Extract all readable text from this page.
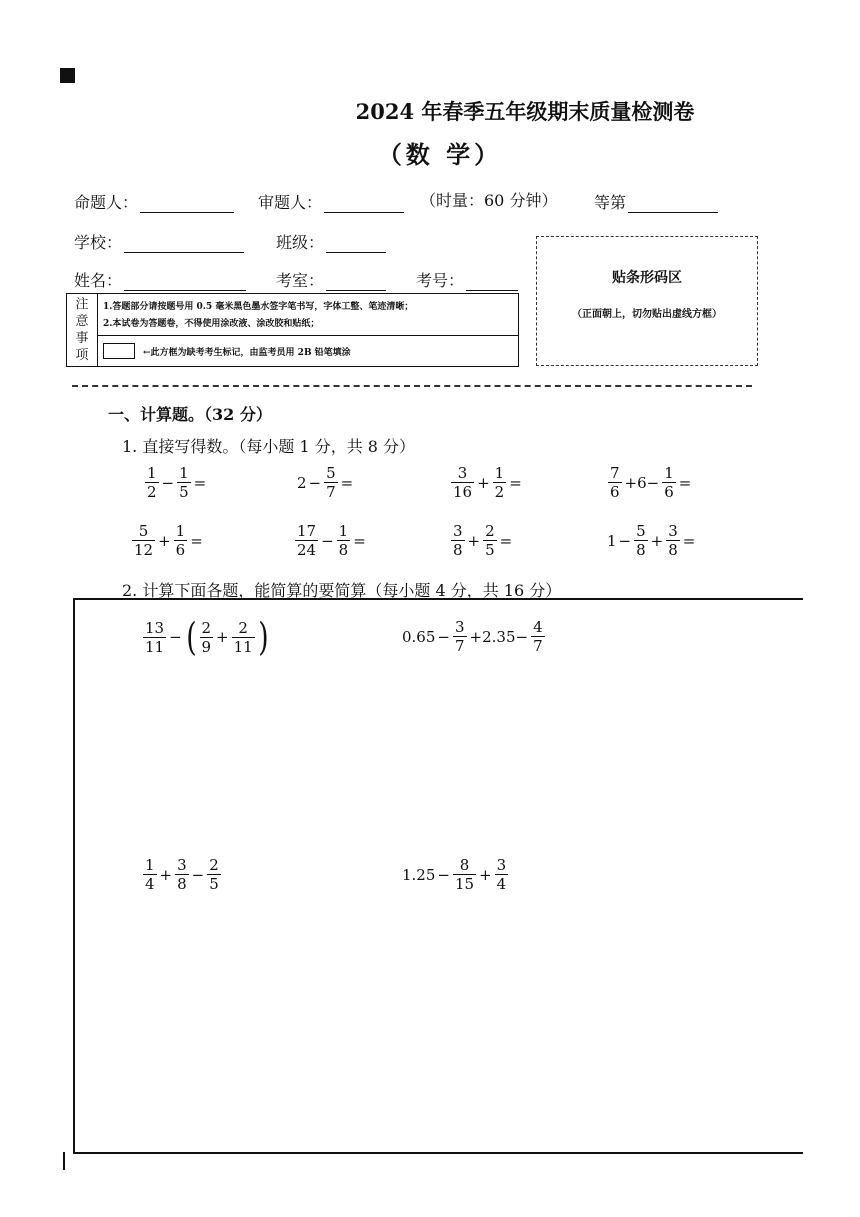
2024 年春季五年级期末质量检测卷
（数 学）
命题人：	审题人：	（时量：60 分钟） 等第
学校：	班级：
姓名：	考室：	考号：	贴条形码区
（正面朝上，切勿贴出虚线方框）
注
意
事
项
1.答题部分请按题号用 0.5 毫米黑色墨水签字笔书写，字体工整、笔迹清晰；
2.本试卷为答题卷，不得使用涂改液、涂改胶和贴纸；
←此方框为缺考考生标记，由监考员用 2B 铅笔填涂
一、计算题。（32 分）
1. 直接写得数。（每小题 1 分，共 8 分）
$\frac{1}{2} - \frac{1}{5}$ =	$2 - \frac{5}{7}$ =	$\frac{3}{16} + \frac{1}{2}$ =	$\frac{7}{6} +6- \frac{1}{6}$ =
$\frac{5}{12} + \frac{1}{6}$ =	$\frac{17}{24} - \frac{1}{8}$ =	$\frac{3}{8} + \frac{2}{5}$ =	$1 - \frac{5}{8} + \frac{3}{8}$ =
2. 计算下面各题，能简算的要简算（每小题 4 分，共 16 分）
$\frac{13}{11}$ − ( $\frac{2}{9} + \frac{2}{11}$ )	$0.65 - \frac{3}{7} +2.35- \frac{4}{7}$
$\frac{1}{4} + \frac{3}{8} - \frac{2}{5}$	$1.25 - \frac{8}{15} + \frac{3}{4}$
